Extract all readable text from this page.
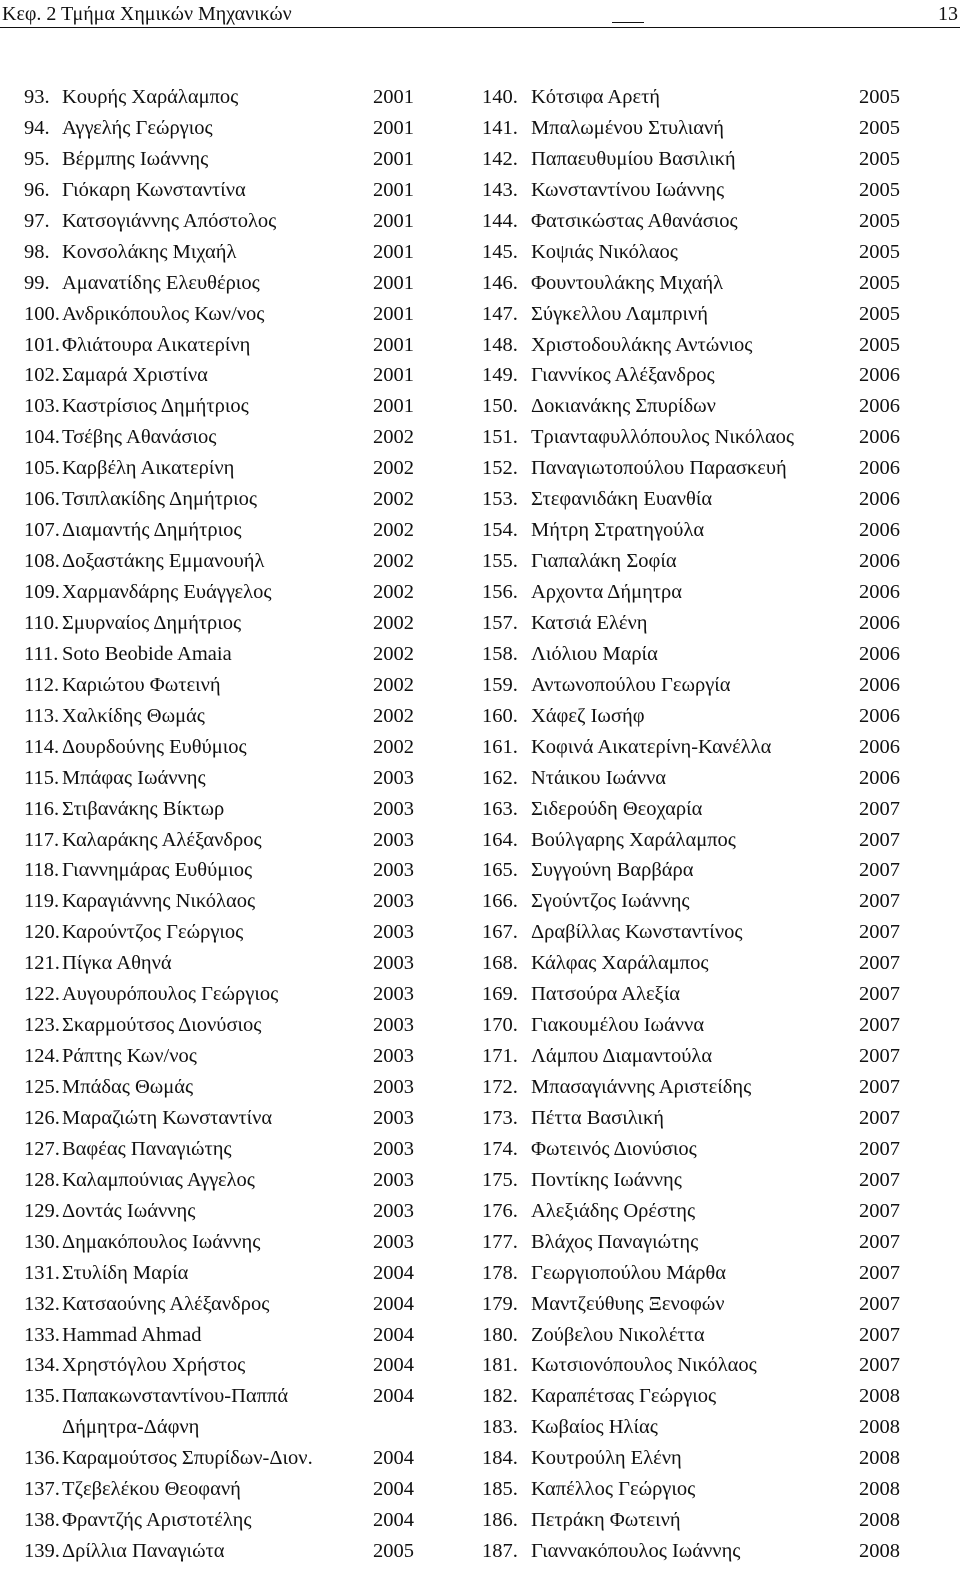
Κεφ. 2 Τμήμα Χημικών Μηχανικών	13
93. Κουρής Χαράλαμπος	2001
94. Αγγελής Γεώργιος	2001
95. Βέρμπης Ιωάννης	2001
96. Γιόκαρη Κωνσταντίνα	2001
97. Κατσογιάννης Απόστολος	2001
98. Κονσολάκης Μιχαήλ	2001
99. Αμανατίδης Ελευθέριος	2001
100. Ανδρικόπουλος Κων/νος	2001
101. Φλιάτουρα Αικατερίνη	2001
102. Σαμαρά Χριστίνα	2001
103. Καστρίσιος Δημήτριος	2001
104. Τσέβης Αθανάσιος	2002
105. Καρβέλη Αικατερίνη	2002
106. Τσιπλακίδης Δημήτριος	2002
107. Διαμαντής Δημήτριος	2002
108. Δοξαστάκης Εμμανουήλ	2002
109. Χαρμανδάρης Ευάγγελος	2002
110. Σμυρναίος Δημήτριος	2002
111. Soto Beobide Amaia	2002
112. Καριώτου Φωτεινή	2002
113. Χαλκίδης Θωμάς	2002
114. Δουρδούνης Ευθύμιος	2002
115. Μπάφας Ιωάννης	2003
116. Στιβανάκης Βίκτωρ	2003
117. Καλαράκης Αλέξανδρος	2003
118. Γιαννημάρας Ευθύμιος	2003
119. Καραγιάννης Νικόλαος	2003
120. Καρούντζος Γεώργιος	2003
121. Πίγκα Αθηνά	2003
122. Αυγουρόπουλος Γεώργιος	2003
123. Σκαρμούτσος Διονύσιος	2003
124. Ράπτης Κων/νος	2003
125. Μπάδας Θωμάς	2003
126. Μαραζιώτη Κωνσταντίνα	2003
127. Βαφέας Παναγιώτης	2003
128. Καλαμπούνιας Αγγελος	2003
129. Δοντάς Ιωάννης	2003
130. Δημακόπουλος Ιωάννης	2003
131. Στυλίδη Μαρία	2004
132. Κατσαούνης Αλέξανδρος	2004
133. Hammad Ahmad	2004
134. Χρηστόγλου Χρήστος	2004
135. Παπακωνσταντίνου-Παππά	2004
Δήμητρα-Δάφνη
136. Καραμούτσος Σπυρίδων-Διον.	2004
137. Τζεβελέκου Θεοφανή	2004
138. Φραντζής Αριστοτέλης	2004
139. Δρίλλια Παναγιώτα	2005
140. Κότσιφα Αρετή	2005
141. Μπαλωμένου Στυλιανή	2005
142. Παπαευθυμίου Βασιλική	2005
143. Κωνσταντίνου Ιωάννης	2005
144. Φατσικώστας Αθανάσιος	2005
145. Κοψιάς Νικόλαος	2005
146. Φουντουλάκης Μιχαήλ	2005
147. Σύγκελλου Λαμπρινή	2005
148. Χριστοδουλάκης Αντώνιος	2005
149. Γιαννίκος Αλέξανδρος	2006
150. Δοκιανάκης Σπυρίδων	2006
151. Τριανταφυλλόπουλος Νικόλαος	2006
152. Παναγιωτοπούλου Παρασκευή	2006
153. Στεφανιδάκη Ευανθία	2006
154. Μήτρη Στρατηγούλα	2006
155. Γιαπαλάκη Σοφία	2006
156. Αρχοντα Δήμητρα	2006
157. Κατσιά Ελένη	2006
158. Λιόλιου Μαρία	2006
159. Αντωνοπούλου Γεωργία	2006
160. Χάφεζ Ιωσήφ	2006
161. Κοφινά Αικατερίνη-Κανέλλα	2006
162. Ντάικου Ιωάννα	2006
163. Σιδερούδη Θεοχαρία	2007
164. Βούλγαρης Χαράλαμπος	2007
165. Συγγούνη Βαρβάρα	2007
166. Σγούντζος Ιωάννης	2007
167. Δραβίλλας Κωνσταντίνος	2007
168. Κάλφας Χαράλαμπος	2007
169. Πατσούρα Αλεξία	2007
170. Γιακουμέλου Ιωάννα	2007
171. Λάμπου Διαμαντούλα	2007
172. Μπασαγιάννης Αριστείδης	2007
173. Πέττα Βασιλική	2007
174. Φωτεινός Διονύσιος	2007
175. Ποντίκης Ιωάννης	2007
176. Αλεξιάδης Ορέστης	2007
177. Βλάχος Παναγιώτης	2007
178. Γεωργιοπούλου Μάρθα	2007
179. Μαντζεύθυης Ξενοφών	2007
180. Ζούβελου Νικολέττα	2007
181. Κωτσιονόπουλος Νικόλαος	2007
182. Καραπέτσας Γεώργιος	2008
183. Κωβαίος Ηλίας	2008
184. Κουτρούλη Ελένη	2008
185. Καπέλλος Γεώργιος	2008
186. Πετράκη Φωτεινή	2008
187. Γιαννακόπουλος Ιωάννης	2008
